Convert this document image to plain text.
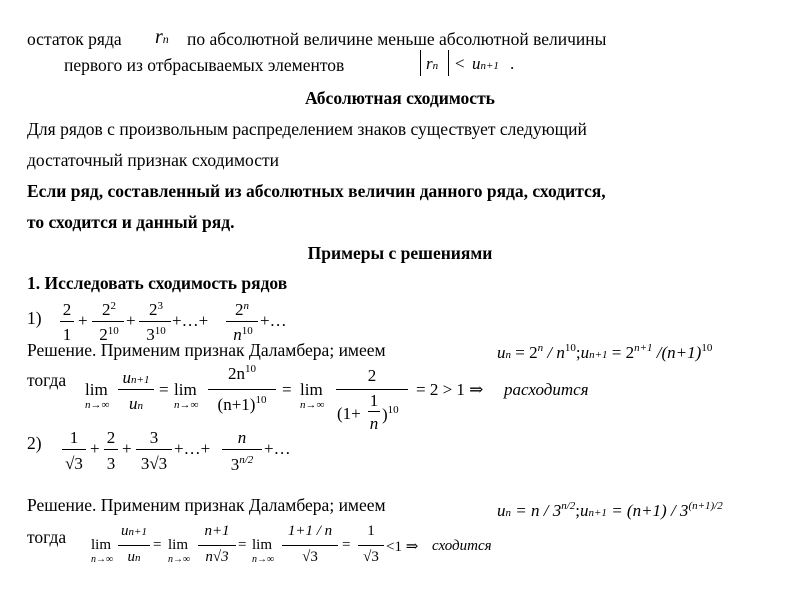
остаток ряда rn по абсолютной величине меньше абсолютной величины
первого из отбрасываемых элементов	rn < un+1 .
Абсолютная сходимость
Для рядов с произвольным распределением знаков существует следующий
достаточный признак сходимости
Если ряд, составленный из абсолютных величин данного ряда, сходится,
то сходится и данный ряд.
Примеры с решениями
1. Исследовать сходимость рядов
1) 2
1
+
$2^2$
$2^{10}$
+
$2^3$
$3^{10}$
+…+
$2^n$
$n^{10}$
+…
Решение. Применим признак Даламбера; имеем	un = $2^n$ / $n^{10};un+1 = 2^{n+1}$ $/(n+1)^{10}$
тогда lim
n→∞
un+1
un
= lim
n→∞
$2n^{10}$
$(n+1)^{10}$
= lim
n→∞
2
(1+
1
n )$^{10}$
= 2 > 1 ⇒ расходится
2)	1
√3
+
2
3
+
3
3√3
+…+
n
$3^{n/2}$
+…
Решение. Применим признак Даламбера; имеем	un = $n / 3^{n/2};un+1 = (n+1) / 3^{(n+1)/2}$
тогда lim
n→∞
un+1
un
= lim
n→∞
n+1
n√3
= lim
n→∞
1+1 / n
√3
=
1
√3
<1 ⇒ сходится
